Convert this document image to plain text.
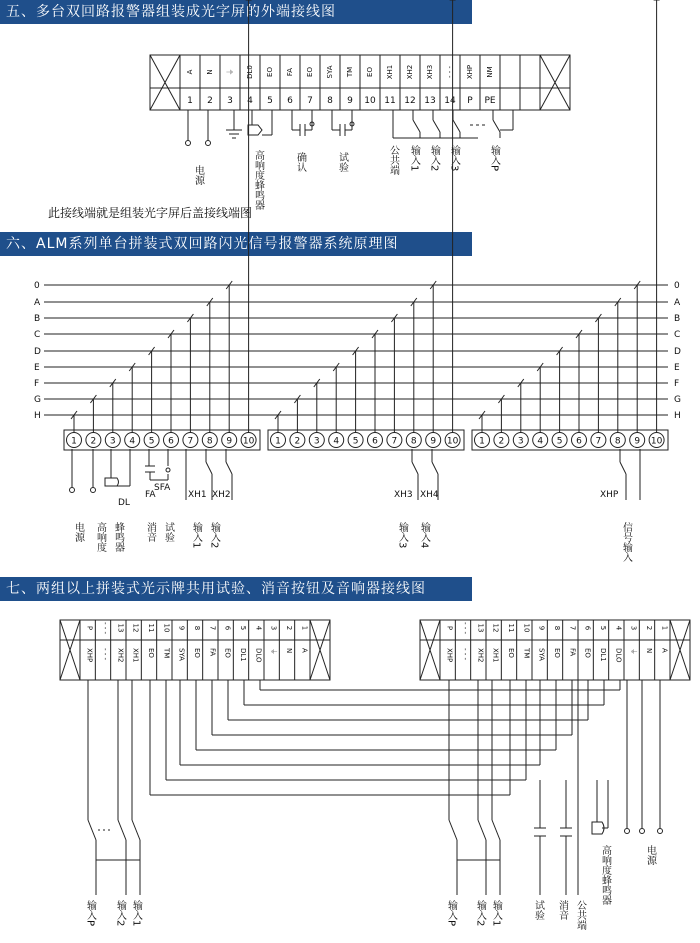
五、多台双回路报警器组装成光字屏的外端接线图
六、ALM系列单台拼装式双回路闪光信号报警器系统原理图
七、两组以上拼装式光示牌共用试验、消音按钮及音响器接线图
此接线端就是组装光字屏后盖接线端图
A N ⏚ DL0 EO FA EO SYA TM EO XH1 XH2 XH3 - - - XHP NM
1 2 3 4 5 6 7 8 9 10 11 12 13 14 P PE
电源	高响度蜂鸣器	确认	试验	公共端 输入1 输入2 输入3	输入P
0	0
A	A
B	B
C	C
D	D
E	E
F	F
G	G
H	H
1 2 3 4 5 6 7 8 9 10 1 2 3 4 5 6 7 8 9 10 1 2 3 4 5 6 7 8 9 10
DL
FA
SFA
XH1 XH2	XH3 XH4	XHP
电源 高响度 蜂鸣器 消音 试验 输入1 输入2	输入3 输入4	信号输入
P - - - 13 12 11 10 9 8 7 6 5 4 3 2 1
XHP - - - XH2 XH1 EO TM SYA EO FA EO DL1 DLO ⏚ N A
P - - - 13 12 11 10 9 8 7 6 5 4 3 2 1
XHP - - - XH2 XH1 EO TM SYA EO FA EO DL1 DLO ⏚ N A
输入P 输入2 输入1	输入P 输入2 输入1	试验 消音 公共端
高响度蜂鸣器	电源
